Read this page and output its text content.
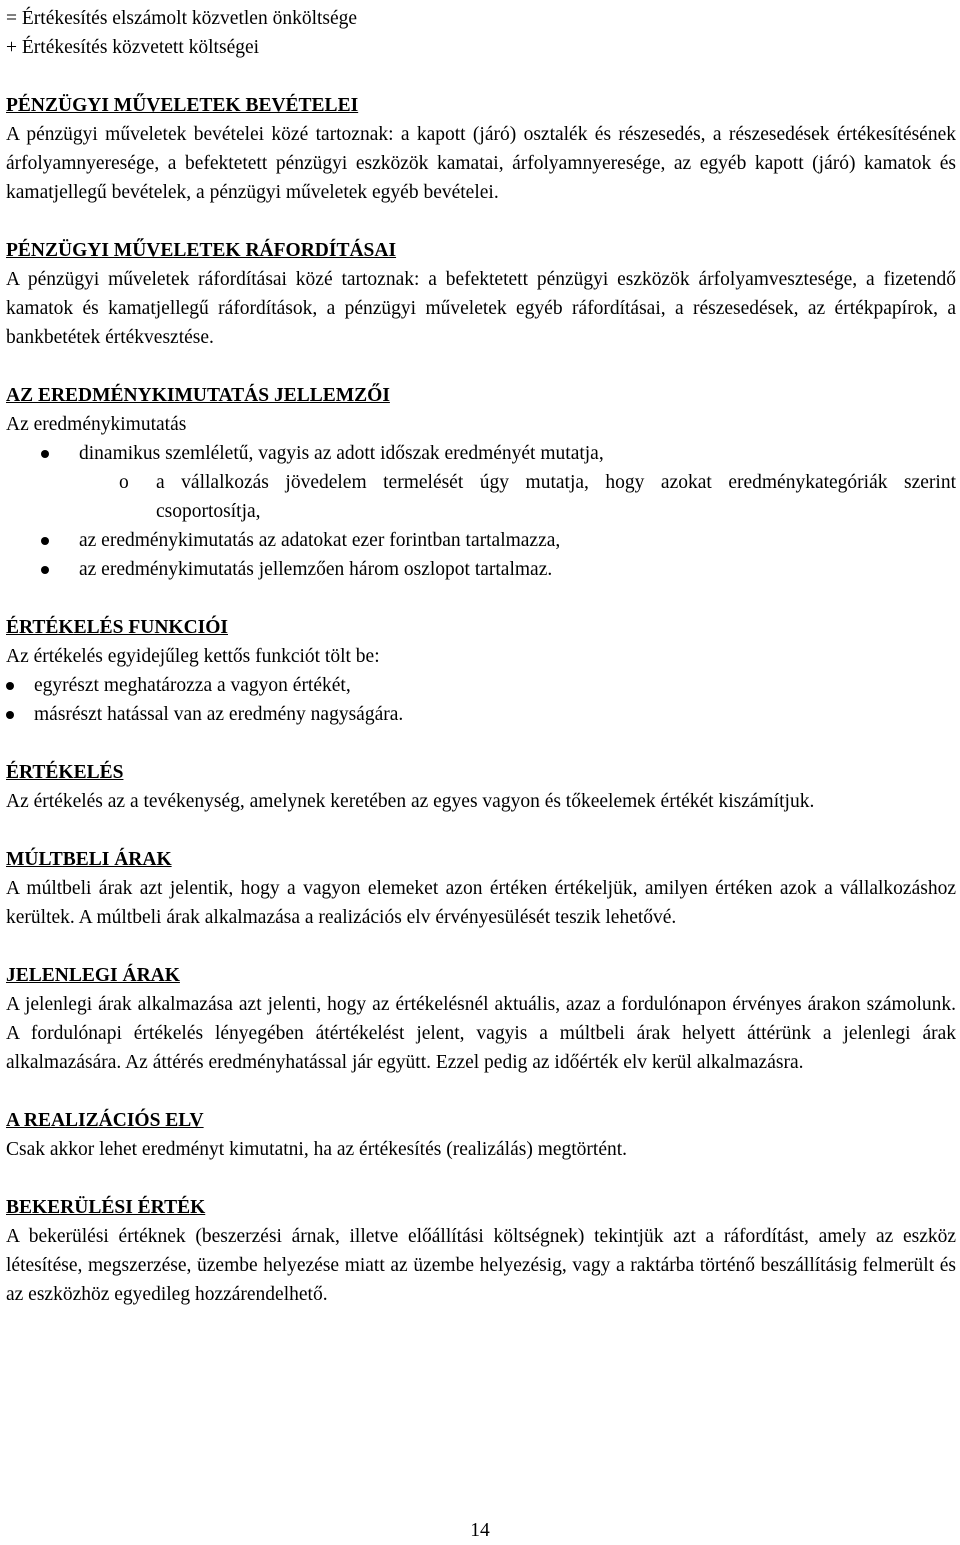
= Értékesítés elszámolt közvetlen önköltsége

+ Értékesítés közvetett költségei

PÉNZÜGYI MŰVELETEK BEVÉTELEI

A pénzügyi műveletek bevételei közé tartoznak: a kapott (járó) osztalék és részesedés, a részesedések értékesítésének árfolyamnyeresége, a befektetett pénzügyi eszközök kamatai, árfolyamnyeresége, az egyéb kapott (járó) kamatok és kamatjellegű bevételek, a pénzügyi műveletek egyéb bevételei.

PÉNZÜGYI MŰVELETEK RÁFORDÍTÁSAI

A pénzügyi műveletek ráfordításai közé tartoznak: a befektetett pénzügyi eszközök árfolyamvesztesége, a fizetendő kamatok és kamatjellegű ráfordítások, a pénzügyi műveletek egyéb ráfordításai, a részesedések, az értékpapírok, a bankbetétek értékvesztése.

AZ EREDMÉNYKIMUTATÁS JELLEMZŐI

Az eredménykimutatás

dinamikus szemléletű, vagyis az adott időszak eredményét mutatja,
o a vállalkozás jövedelem termelését úgy mutatja, hogy azokat eredménykategóriák szerint csoportosítja,
az eredménykimutatás az adatokat ezer forintban tartalmazza,
az eredménykimutatás jellemzően három oszlopot tartalmaz.

ÉRTÉKELÉS FUNKCIÓI

Az értékelés egyidejűleg kettős funkciót tölt be:

egyrészt meghatározza a vagyon értékét,
másrészt hatással van az eredmény nagyságára.

ÉRTÉKELÉS

Az értékelés az a tevékenység, amelynek keretében az egyes vagyon és tőkeelemek értékét kiszámítjuk.

MÚLTBELI ÁRAK

A múltbeli árak azt jelentik, hogy a vagyon elemeket azon értéken értékeljük, amilyen értéken azok a vállalkozáshoz kerültek. A múltbeli árak alkalmazása a realizációs elv érvényesülését teszik lehetővé.

JELENLEGI ÁRAK

A jelenlegi árak alkalmazása azt jelenti, hogy az értékelésnél aktuális, azaz a fordulónapon érvényes árakon számolunk. A fordulónapi értékelés lényegében átértékelést jelent, vagyis a múltbeli árak helyett áttérünk a jelenlegi árak alkalmazására. Az áttérés eredményhatással jár együtt. Ezzel pedig az időérték elv kerül alkalmazásra.

A REALIZÁCIÓS ELV

Csak akkor lehet eredményt kimutatni, ha az értékesítés (realizálás) megtörtént.

BEKERÜLÉSI ÉRTÉK

A bekerülési értéknek (beszerzési árnak, illetve előállítási költségnek) tekintjük azt a ráfordítást, amely az eszköz létesítése, megszerzése, üzembe helyezése miatt az üzembe helyezésig, vagy a raktárba történő beszállításig felmerült és az eszközhöz egyedileg hozzárendelhető.

14
